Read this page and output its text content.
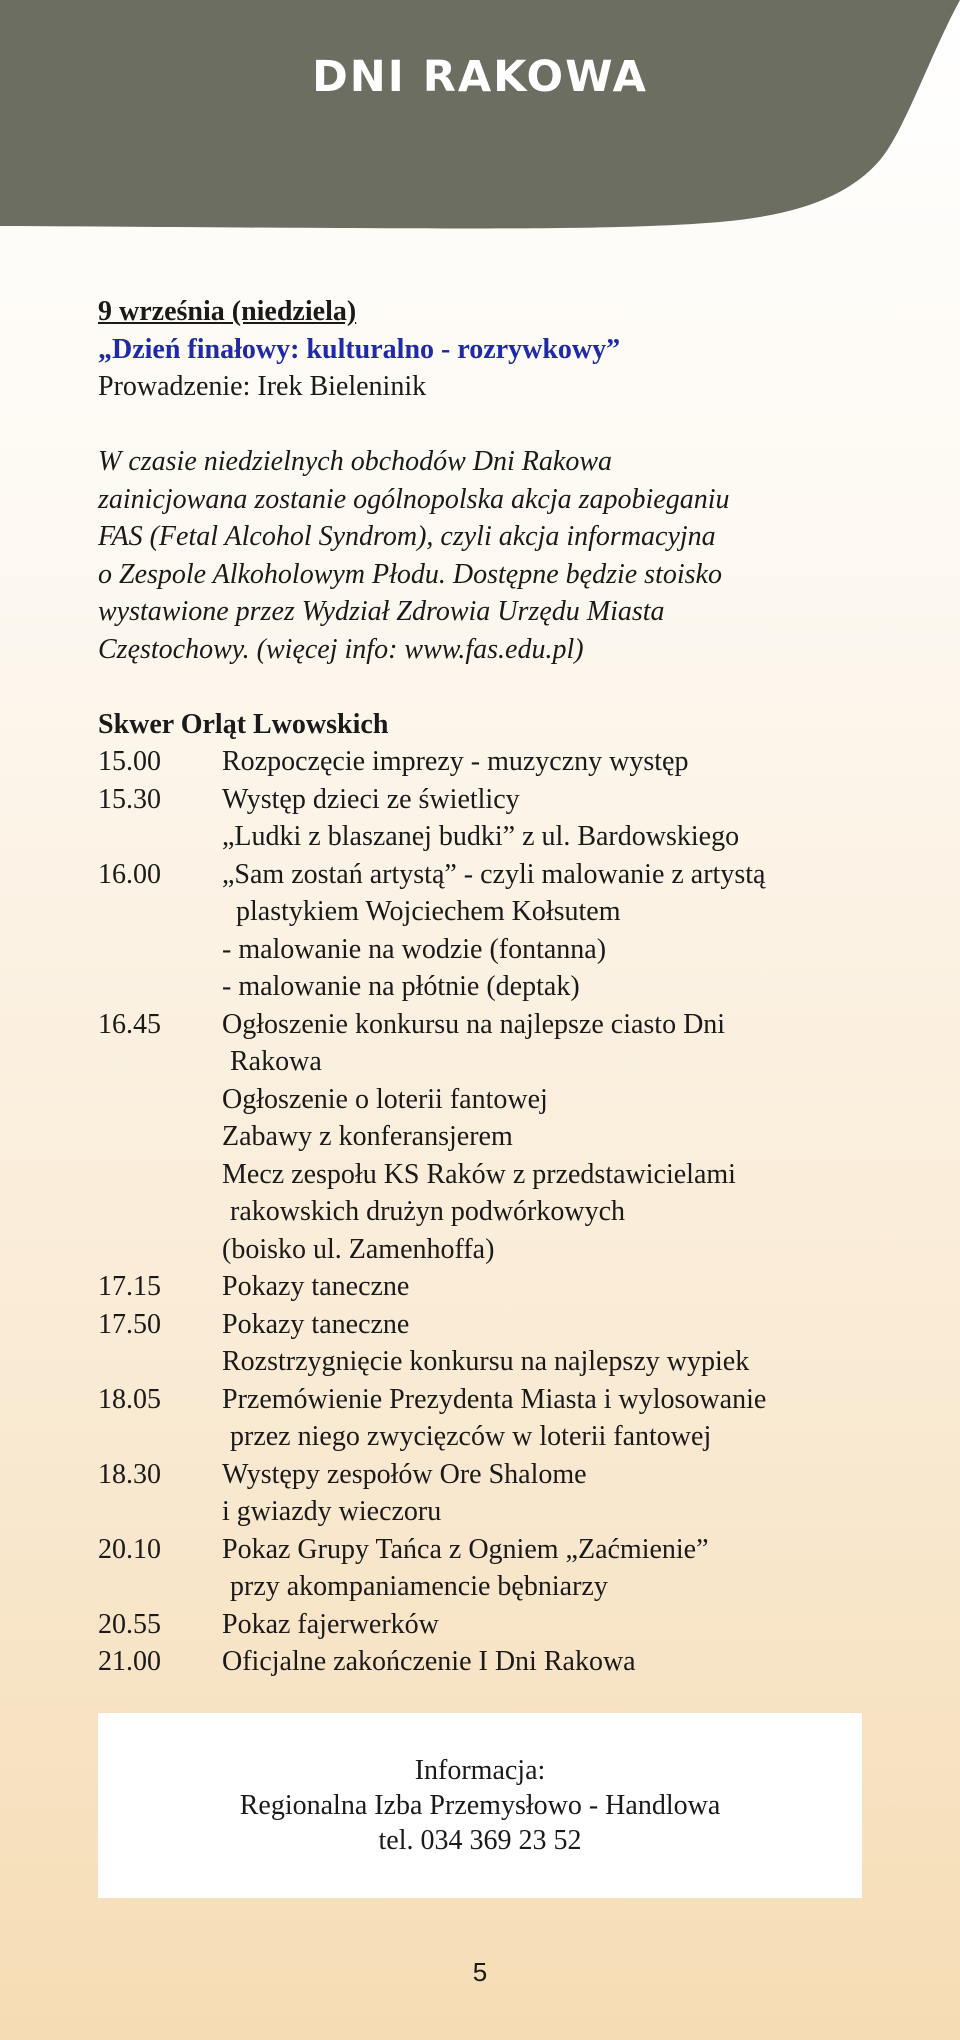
DNI RAKOWA
9 września (niedziela)
„Dzień finałowy: kulturalno - rozrywkowy”
Prowadzenie: Irek Bieleninik
W czasie niedzielnych obchodów Dni Rakowa
zainicjowana zostanie ogólnopolska akcja zapobieganiu
FAS (Fetal Alcohol Syndrom), czyli akcja informacyjna
o Zespole Alkoholowym Płodu. Dostępne będzie stoisko
wystawione przez Wydział Zdrowia Urzędu Miasta
Częstochowy. (więcej info: www.fas.edu.pl)
Skwer Orląt Lwowskich
15.00	Rozpoczęcie imprezy - muzyczny występ
15.30	Występ dzieci ze świetlicy
„Ludki z blaszanej budki” z ul. Bardowskiego
16.00	„Sam zostań artystą” - czyli malowanie z artystą
plastykiem Wojciechem Kołsutem
- malowanie na wodzie (fontanna)
- malowanie na płótnie (deptak)
16.45	Ogłoszenie konkursu na najlepsze ciasto Dni
Rakowa
Ogłoszenie o loterii fantowej
Zabawy z konferansjerem
Mecz zespołu KS Raków z przedstawicielami
rakowskich drużyn podwórkowych
(boisko ul. Zamenhoffa)
17.15	Pokazy taneczne
17.50	Pokazy taneczne
Rozstrzygnięcie konkursu na najlepszy wypiek
18.05	Przemówienie Prezydenta Miasta i wylosowanie
przez niego zwycięzców w loterii fantowej
18.30	Występy zespołów Ore Shalome
i gwiazdy wieczoru
20.10	Pokaz Grupy Tańca z Ogniem „Zaćmienie”
przy akompaniamencie bębniarzy
20.55	Pokaz fajerwerków
21.00	Oficjalne zakończenie I Dni Rakowa
Informacja:
Regionalna Izba Przemysłowo - Handlowa
tel. 034 369 23 52
5
